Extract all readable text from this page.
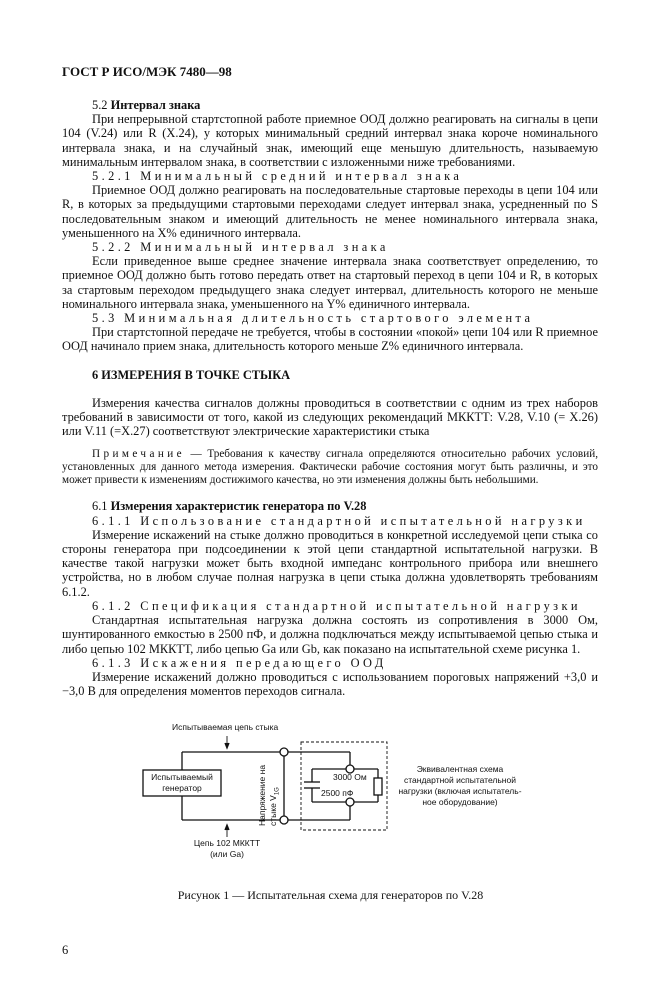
ГОСТ Р ИСО/МЭК 7480—98

5.2 Интервал знака

При непрерывной стартстопной работе приемное ООД должно реагировать на сигналы в цепи 104 (V.24) или R (X.24), у которых минимальный средний интервал знака короче номинального интервала знака, и на случайный знак, имеющий еще меньшую длительность, называемую минимальным интервалом знака, в соответствии с изложенными ниже требованиями.

5.2.1 Минимальный средний интервал знака

Приемное ООД должно реагировать на последовательные стартовые переходы в цепи 104 или R, в которых за предыдущими стартовыми переходами следует интервал знака, усредненный по S последовательным знаком и имеющий длительность не менее номинального интервала знака, уменьшенного на X% единичного интервала.

5.2.2 Минимальный интервал знака

Если приведенное выше среднее значение интервала знака соответствует определению, то приемное ООД должно быть готово передать ответ на стартовый переход в цепи 104 и R, в которых за стартовым переходом предыдущего знака следует интервал, длительность которого не меньше номинального интервала знака, уменьшенного на Y% единичного интервала.

5.3 Минимальная длительность стартового элемента

При стартстопной передаче не требуется, чтобы в состоянии «покой» цепи 104 или R приемное ООД начинало прием знака, длительность которого меньше Z% единичного интервала.

6 ИЗМЕРЕНИЯ В ТОЧКЕ СТЫКА

Измерения качества сигналов должны проводиться в соответствии с одним из трех наборов требований в зависимости от того, какой из следующих рекомендаций МККТТ: V.28, V.10 (= X.26) или V.11 (=X.27) соответствуют электрические характеристики стыка

Примечание — Требования к качеству сигнала определяются относительно рабочих условий, установленных для данного метода измерения. Фактически рабочие состояния могут быть различны, и это может привести к изменениям достижимого качества, но эти изменения должны быть небольшими.

6.1 Измерения характеристик генератора по V.28

6.1.1 Использование стандартной испытательной нагрузки

Измерение искажений на стыке должно проводиться в конкретной исследуемой цепи стыка со стороны генератора при подсоединении к этой цепи стандартной испытательной нагрузки. В качестве такой нагрузки может быть входной импеданс контрольного прибора или внешнего устройства, но в любом случае полная нагрузка в цепи стыка должна удовлетворять требованиям 6.1.2.

6.1.2 Спецификация стандартной испытательной нагрузки

Стандартная испытательная нагрузка должна состоять из сопротивления в 3000 Ом, шунтированного емкостью в 2500 пФ, и должна подключаться между испытываемой цепью стыка и либо цепью 102 МККТТ, либо цепью Ga или Gb, как показано на испытательной схеме рисунка 1.

6.1.3 Искажения передающего ООД

Измерение искажений должно проводиться с использованием пороговых напряжений +3,0 и −3,0 В для определения моментов переходов сигнала.

Испытываемая цепь стыка
Испытываемый
генератор	Напряжение на стыке $V_{1G}$
3000 Ом
2500 пФ
Эквивалентная схема
стандартной испытательной
нагрузки (включая испытатель-
ное оборудование)
Цепь 102 МККТТ
(или Ga)
Рисунок 1 — Испытательная схема для генераторов по V.28
6
